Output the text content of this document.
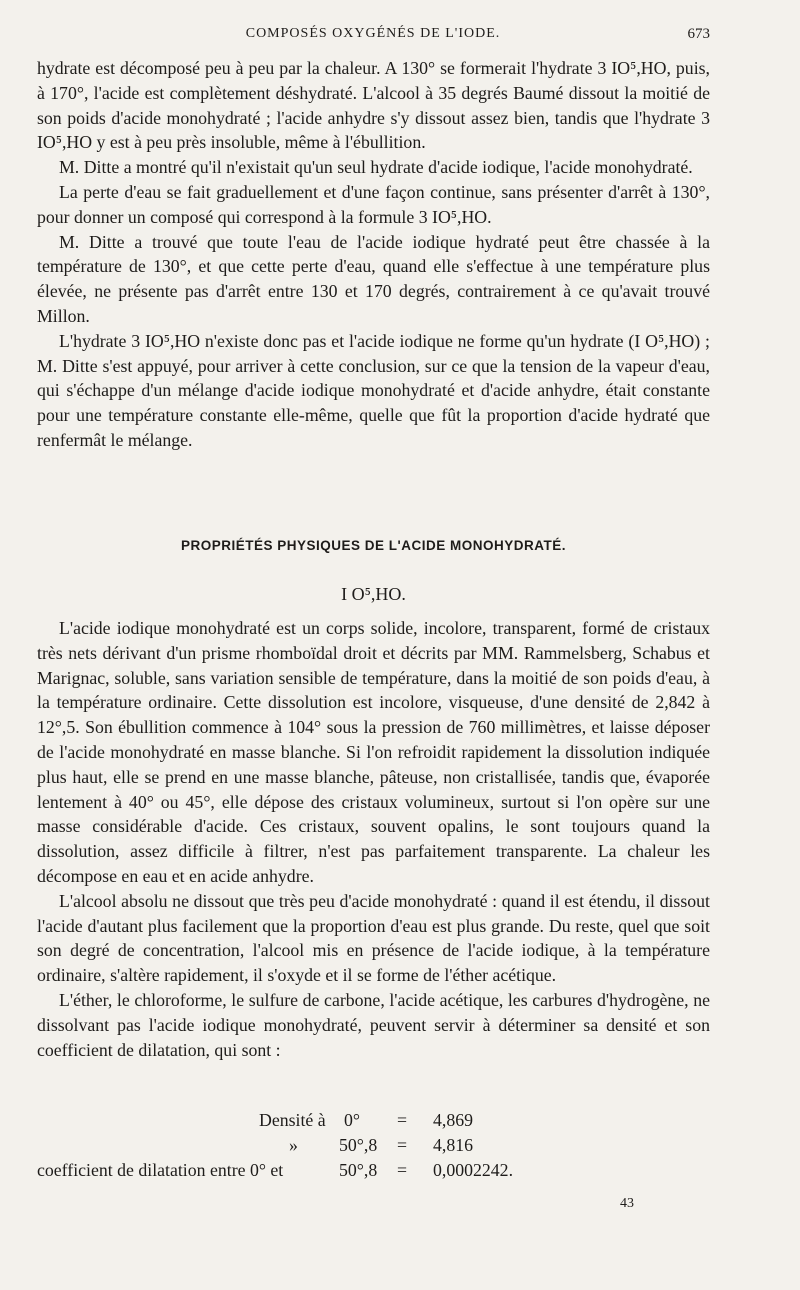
COMPOSÉS OXYGÉNÉS DE L'IODE.	673

hydrate est décomposé peu à peu par la chaleur. A 130° se formerait l'hydrate 3 IO⁵,HO, puis, à 170°, l'acide est complètement déshydraté. L'alcool à 35 degrés Baumé dissout la moitié de son poids d'acide monohydraté ; l'acide anhydre s'y dissout assez bien, tandis que l'hydrate 3 IO⁵,HO y est à peu près insoluble, même à l'ébullition.

M. Ditte a montré qu'il n'existait qu'un seul hydrate d'acide iodique, l'acide monohydraté.

La perte d'eau se fait graduellement et d'une façon continue, sans présenter d'arrêt à 130°, pour donner un composé qui correspond à la formule 3 IO⁵,HO.

M. Ditte a trouvé que toute l'eau de l'acide iodique hydraté peut être chassée à la température de 130°, et que cette perte d'eau, quand elle s'effectue à une température plus élevée, ne présente pas d'arrêt entre 130 et 170 degrés, contrairement à ce qu'avait trouvé Millon.

L'hydrate 3 IO⁵,HO n'existe donc pas et l'acide iodique ne forme qu'un hydrate (I O⁵,HO) ; M. Ditte s'est appuyé, pour arriver à cette conclusion, sur ce que la tension de la vapeur d'eau, qui s'échappe d'un mélange d'acide iodique monohydraté et d'acide anhydre, était constante pour une température constante elle-même, quelle que fût la proportion d'acide hydraté que renfermât le mélange.

PROPRIÉTÉS PHYSIQUES DE L'ACIDE MONOHYDRATÉ.
I O⁵,HO.

L'acide iodique monohydraté est un corps solide, incolore, transparent, formé de cristaux très nets dérivant d'un prisme rhomboïdal droit et décrits par MM. Rammelsberg, Schabus et Marignac, soluble, sans variation sensible de température, dans la moitié de son poids d'eau, à la température ordinaire. Cette dissolution est incolore, visqueuse, d'une densité de 2,842 à 12°,5. Son ébullition commence à 104° sous la pression de 760 millimètres, et laisse déposer de l'acide monohydraté en masse blanche. Si l'on refroidit rapidement la dissolution indiquée plus haut, elle se prend en une masse blanche, pâteuse, non cristallisée, tandis que, évaporée lentement à 40° ou 45°, elle dépose des cristaux volumineux, surtout si l'on opère sur une masse considérable d'acide. Ces cristaux, souvent opalins, le sont toujours quand la dissolution, assez difficile à filtrer, n'est pas parfaitement transparente. La chaleur les décompose en eau et en acide anhydre.

L'alcool absolu ne dissout que très peu d'acide monohydraté : quand il est étendu, il dissout l'acide d'autant plus facilement que la proportion d'eau est plus grande. Du reste, quel que soit son degré de concentration, l'alcool mis en présence de l'acide iodique, à la température ordinaire, s'altère rapidement, il s'oxyde et il se forme de l'éther acétique.

L'éther, le chloroforme, le sulfure de carbone, l'acide acétique, les carbures d'hydrogène, ne dissolvant pas l'acide iodique monohydraté, peuvent servir à déterminer sa densité et son coefficient de dilatation, qui sont :

Densité à 0° = 4,869
» 50°,8 = 4,816
coefficient de dilatation entre 0° et	50°,8 = 0,0002242.
43
